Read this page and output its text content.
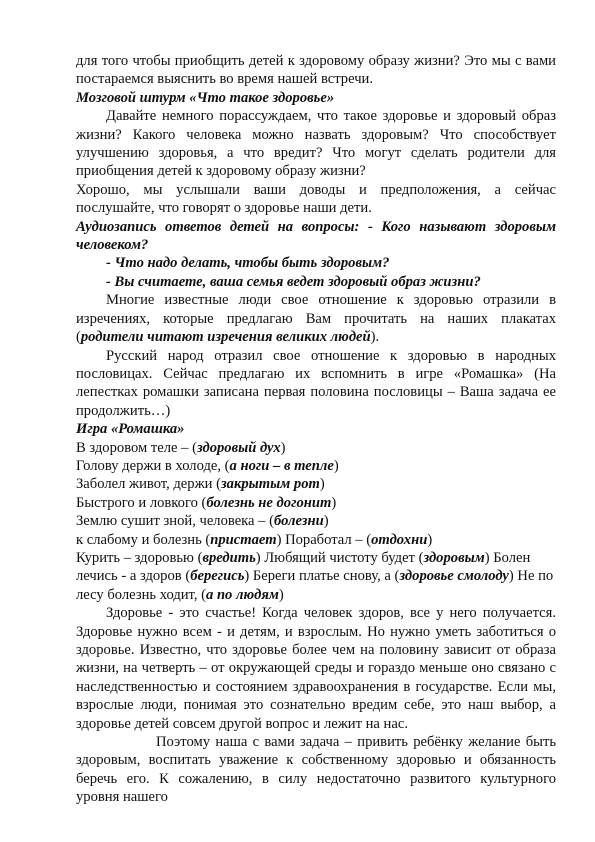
для того чтобы приобщить детей к здоровому образу жизни? Это мы с вами постараемся выяснить во время нашей встречи.

Мозговой штурм «Что такое здоровье»

Давайте немного порассуждаем, что такое здоровье и здоровый образ жизни? Какого человека можно назвать здоровым? Что способствует улучшению здоровья, а что вредит? Что могут сделать родители для приобщения детей к здоровому образу жизни?

Хорошо, мы услышали ваши доводы и предположения, а сейчас послушайте, что говорят о здоровье наши дети.

Аудиозапись ответов детей на вопросы: - Кого называют здоровым человеком?

- Что надо делать, чтобы быть здоровым?

- Вы считаете, ваша семья ведет здоровый образ жизни?

Многие известные люди свое отношение к здоровью отразили в изречениях, которые предлагаю Вам прочитать на наших плакатах (родители читают изречения великих людей).

Русский народ отразил свое отношение к здоровью в народных пословицах. Сейчас предлагаю их вспомнить в игре «Ромашка» (На лепестках ромашки записана первая половина пословицы – Ваша задача ее продолжить…)

Игра «Ромашка»

В здоровом теле – (здоровый дух)

Голову держи в холоде, (а ноги – в тепле)

Заболел живот, держи (закрытым рот)

Быстрого и ловкого (болезнь не догонит)

Землю сушит зной, человека – (болезни)

к слабому и болезнь (пристает) Поработал – (отдохни)

Курить – здоровью (вредить) Любящий чистоту будет (здоровым) Болен лечись - а здоров (берегись) Береги платье снову, а (здоровье смолоду) Не по лесу болезнь ходит, (а по людям)

Здоровье - это счастье! Когда человек здоров, все у него получается. Здоровье нужно всем - и детям, и взрослым. Но нужно уметь заботиться о здоровье. Известно, что здоровье более чем на половину зависит от образа жизни, на четверть – от окружающей среды и гораздо меньше оно связано с наследственностью и состоянием здравоохранения в государстве. Если мы, взрослые люди, понимая это сознательно вредим себе, это наш выбор, а здоровье детей совсем другой вопрос и лежит на нас.

Поэтому наша с вами задача – привить ребёнку желание быть здоровым, воспитать уважение к собственному здоровью и обязанность беречь его. К сожалению, в силу недостаточно развитого культурного уровня нашего
